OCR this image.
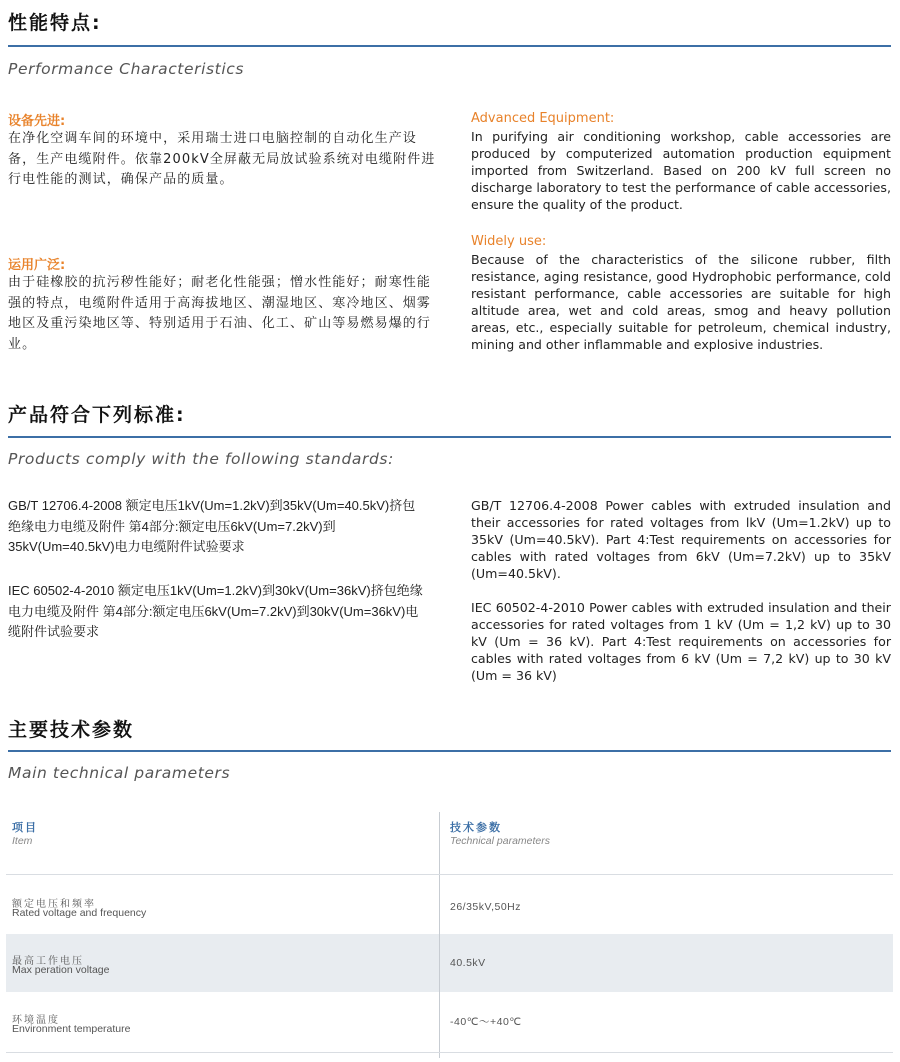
性能特点:
Performance Characteristics
设备先进:
在净化空调车间的环境中，采用瑞士进口电脑控制的自动化生产设备，生产电缆附件。依靠200kV全屏蔽无局放试验系统对电缆附件进行电性能的测试，确保产品的质量。
Advanced Equipment:
In purifying air conditioning workshop, cable accessories are produced by computerized automation production equipment imported from Switzerland. Based on 200 kV full screen no discharge laboratory to test the performance of cable accessories, ensure the quality of the product.
运用广泛:
由于硅橡胶的抗污秽性能好；耐老化性能强；憎水性能好；耐寒性能强的特点，电缆附件适用于高海拔地区、潮湿地区、寒冷地区、烟雾地区及重污染地区等、特别适用于石油、化工、矿山等易燃易爆的行业。
Widely use:
Because of the characteristics of the silicone rubber, filth resistance, aging resistance, good Hydrophobic performance, cold resistant performance, cable accessories are suitable for high altitude area, wet and cold areas, smog and heavy pollution areas, etc., especially suitable for petroleum, chemical industry, mining and other inflammable and explosive industries.
产品符合下列标准:
Products comply with the following standards:
GB/T 12706.4-2008 额定电压1kV(Um=1.2kV)到35kV(Um=40.5kV)挤包绝缘电力电缆及附件 第4部分:额定电压6kV(Um=7.2kV)到35kV(Um=40.5kV)电力电缆附件试验要求
GB/T 12706.4-2008 Power cables with extruded insulation and their accessories for rated voltages from lkV (Um=1.2kV) up to 35kV (Um=40.5kV). Part 4:Test requirements on accessories for cables with rated voltages from 6kV (Um=7.2kV) up to 35kV (Um=40.5kV).
IEC 60502-4-2010 额定电压1kV(Um=1.2kV)到30kV(Um=36kV)挤包绝缘电力电缆及附件 第4部分:额定电压6kV(Um=7.2kV)到30kV(Um=36kV)电缆附件试验要求
IEC 60502-4-2010 Power cables with extruded insulation and their accessories for rated voltages from 1 kV (Um = 1,2 kV) up to 30 kV (Um = 36 kV). Part 4:Test requirements on accessories for cables with rated voltages from 6 kV (Um = 7,2 kV) up to 30 kV (Um = 36 kV)
主要技术参数
Main technical parameters
项目
Item
技术参数
Technical parameters
额定电压和频率
Rated voltage and frequency	26/35kV,50Hz
最高工作电压
Max peration voltage
40.5kV
环境温度
Environment temperature
-40℃～+40℃
